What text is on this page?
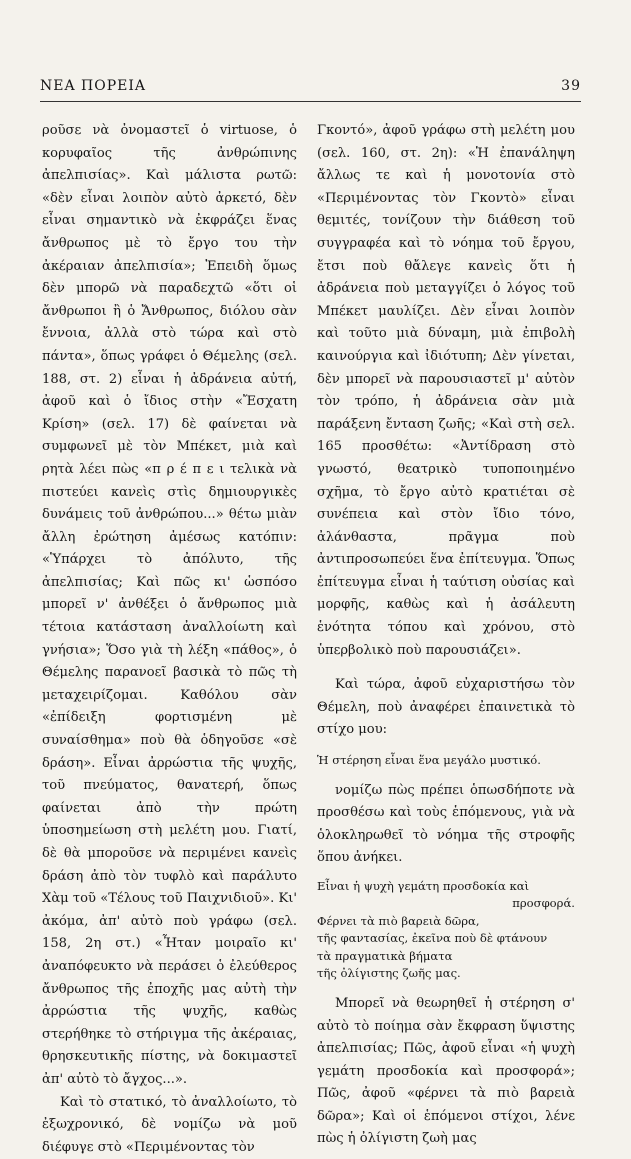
ΝΕΑ ΠΟΡΕΙΑ	39

ροῦσε νὰ ὀνομαστεῖ ὁ virtuose, ὁ κορυφαῖος τῆς ἀνθρώπινης ἀπελπισίας». Καὶ μάλιστα ρωτῶ: «δὲν εἶναι λοιπὸν αὐτὸ ἀρκετό, δὲν εἶναι σημαντικὸ νὰ ἐκφράζει ἕνας ἄνθρωπος μὲ τὸ ἔργο του τὴν ἀκέραιαν ἀπελπισία»; Ἐπειδὴ ὅμως δὲν μπορῶ νὰ παραδεχτῶ «ὅτι οἱ ἄνθρωποι ἢ ὁ Ἄνθρωπος, διόλου σὰν ἔννοια, ἀλλὰ στὸ τώρα καὶ στὸ πάντα», ὅπως γράφει ὁ Θέμελης (σελ. 188, στ. 2) εἶναι ἡ ἀδράνεια αὐτή, ἀφοῦ καὶ ὁ ἴδιος στὴν «Ἔσχατη Κρίση» (σελ. 17) δὲ φαίνεται νὰ συμφωνεῖ μὲ τὸν Μπέκετ, μιὰ καὶ ρητὰ λέει πὼς «π ρ έ π ε ι τελικὰ νὰ πιστεύει κανεὶς στὶς δημιουργικὲς δυνάμεις τοῦ ἀνθρώπου...» θέτω μιὰν ἄλλη ἐρώτηση ἀμέσως κατόπιν: «Ὑπάρχει τὸ ἀπόλυτο, τῆς ἀπελπισίας; Καὶ πῶς κι' ὡσπόσο μπορεῖ ν' ἀνθέξει ὁ ἄνθρωπος μιὰ τέτοια κατάσταση ἀναλλοίωτη καὶ γνήσια»; Ὅσο γιὰ τὴ λέξη «πάθος», ὁ Θέμελης παρανοεῖ βασικὰ τὸ πῶς τὴ μεταχειρίζομαι. Καθόλου σὰν «ἐπίδειξη φορτισμένη μὲ συναίσθημα» ποὺ θὰ ὁδηγοῦσε «σὲ δράση». Εἶναι ἀρρώστια τῆς ψυχῆς, τοῦ πνεύματος, θανατερή, ὅπως φαίνεται ἀπὸ τὴν πρώτη ὑποσημείωση στὴ μελέτη μου. Γιατί, δὲ θὰ μποροῦσε νὰ περιμένει κανεὶς δράση ἀπὸ τὸν τυφλὸ καὶ παράλυτο Χὰμ τοῦ «Τέλους τοῦ Παιχνιδιοῦ». Κι' ἀκόμα, ἀπ' αὐτὸ ποὺ γράφω (σελ. 158, 2η στ.) «Ἦταν μοιραῖο κι' ἀναπόφευκτο νὰ περάσει ὁ ἐλεύθερος ἄνθρωπος τῆς ἐποχῆς μας αὐτὴ τὴν ἀρρώστια τῆς ψυχῆς, καθὼς στερήθηκε τὸ στήριγμα τῆς ἀκέραιας, θρησκευτικῆς πίστης, νὰ δοκιμαστεῖ ἀπ' αὐτὸ τὸ ἄγχος...».

Καὶ τὸ στατικό, τὸ ἀναλλοίωτο, τὸ ἐξωχρονικό, δὲ νομίζω νὰ μοῦ διέφυγε στὸ «Περιμένοντας τὸν

Γκοντό», ἀφοῦ γράφω στὴ μελέτη μου (σελ. 160, στ. 2η): «Ἡ ἐπανάληψη ἄλλως τε καὶ ἡ μονοτονία στὸ «Περιμένοντας τὸν Γκοντὸ» εἶναι θεμιτές, τονίζουν τὴν διάθεση τοῦ συγγραφέα καὶ τὸ νόημα τοῦ ἔργου, ἔτσι ποὺ θἄλεγε κανεὶς ὅτι ἡ ἀδράνεια ποὺ μεταγγίζει ὁ λόγος τοῦ Μπέκετ μαυλίζει. Δὲν εἶναι λοιπὸν καὶ τοῦτο μιὰ δύναμη, μιὰ ἐπιβολὴ καινούργια καὶ ἰδιότυπη; Δὲν γίνεται, δὲν μπορεῖ νὰ παρουσιαστεῖ μ' αὐτὸν τὸν τρόπο, ἡ ἀδράνεια σὰν μιὰ παράξενη ἔνταση ζωῆς; «Καὶ στὴ σελ. 165 προσθέτω: «Ἀντίδραση στὸ γνωστό, θεατρικὸ τυποποιημένο σχῆμα, τὸ ἔργο αὐτὸ κρατιέται σὲ συνέπεια καὶ στὸν ἴδιο τόνο, ἀλάνθαστα, πρᾶγμα ποὺ ἀντιπροσωπεύει ἕνα ἐπίτευγμα. Ὅπως ἐπίτευγμα εἶναι ἡ ταύτιση οὐσίας καὶ μορφῆς, καθὼς καὶ ἡ ἀσάλευτη ἑνότητα τόπου καὶ χρόνου, στὸ ὑπερβολικὸ ποὺ παρουσιάζει».

Καὶ τώρα, ἀφοῦ εὐχαριστήσω τὸν Θέμελη, ποὺ ἀναφέρει ἐπαινετικὰ τὸ στίχο μου:

Ἡ στέρηση εἶναι ἕνα μεγάλο μυστικό.

νομίζω πὼς πρέπει ὁπωσδήποτε νὰ προσθέσω καὶ τοὺς ἑπόμενους, γιὰ νὰ ὁλοκληρωθεῖ τὸ νόημα τῆς στροφῆς ὅπου ἀνήκει.

Εἶναι ἡ ψυχὴ γεμάτη προσδοκία καὶ
προσφορά.
Φέρνει τὰ πιὸ βαρειὰ δῶρα,
τῆς φαντασίας, ἐκεῖνα ποὺ δὲ φτάνουν
τὰ πραγματικὰ βήματα
τῆς ὀλίγιστης ζωῆς μας.

Μπορεῖ νὰ θεωρηθεῖ ἡ στέρηση σ' αὐτὸ τὸ ποίημα σὰν ἔκφραση ὕψιστης ἀπελπισίας; Πῶς, ἀφοῦ εἶναι «ἡ ψυχὴ γεμάτη προσδοκία καὶ προσφορά»; Πῶς, ἀφοῦ «φέρνει τὰ πιὸ βαρειὰ δῶρα»; Καὶ οἱ ἑπόμενοι στίχοι, λένε πὼς ἡ ὀλίγιστη ζωὴ μας
